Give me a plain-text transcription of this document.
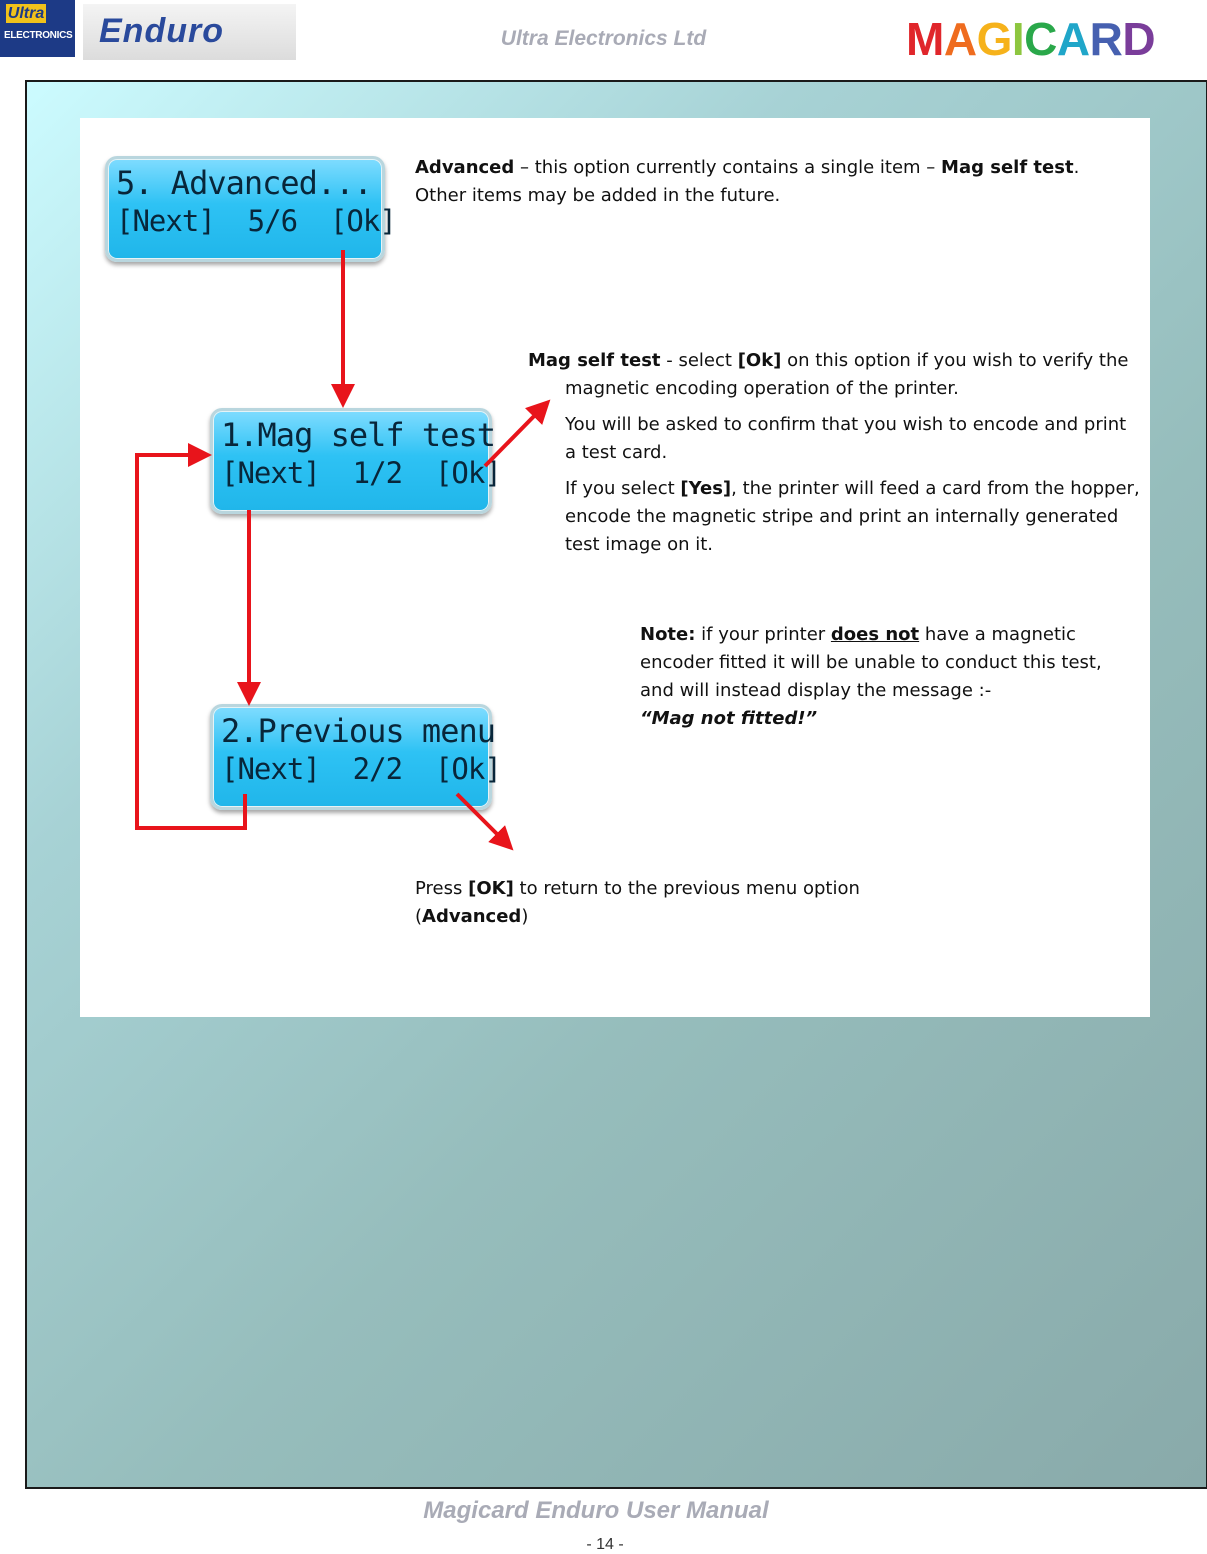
Ultra
ELECTRONICS Enduro	Ultra Electronics Ltd	MAGICARD
5. Advanced...
[Next]  5/6  [Ok]
1.Mag self test
[Next]  1/2  [Ok]
2.Previous menu
[Next]  2/2  [Ok]
Advanced – this option currently contains a single item – Mag self test. Other items may be added in the future.

Mag self test - select [Ok] on this option if you wish to verify the magnetic encoding operation of the printer.

You will be asked to confirm that you wish to encode and print a test card.

If you select [Yes], the printer will feed a card from the hopper, encode the magnetic stripe and print an internally generated test image on it.

Note: if your printer does not have a magnetic encoder fitted it will be unable to conduct this test, and will instead display the message :-
“Mag not fitted!”
Press [OK] to return to the previous menu option (Advanced)
Magicard Enduro User Manual
- 14 -
